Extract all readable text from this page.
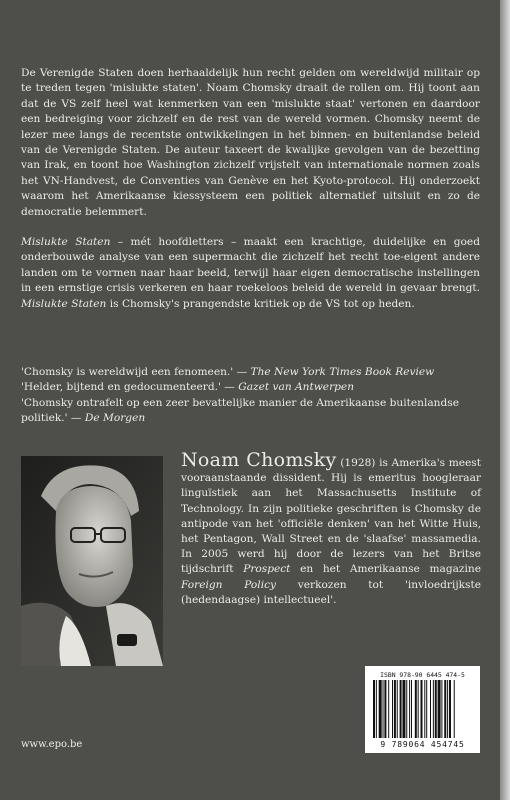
De Verenigde Staten doen herhaaldelijk hun recht gelden om wereldwijd militair op te treden tegen 'mislukte staten'. Noam Chomsky draait de rollen om. Hij toont aan dat de VS zelf heel wat kenmerken van een 'mislukte staat' vertonen en daardoor een bedreiging voor zichzelf en de rest van de wereld vormen. Chomsky neemt de lezer mee langs de recentste ontwikkelingen in het binnen- en buitenlandse beleid van de Verenigde Staten. De auteur taxeert de kwalijke gevolgen van de bezetting van Irak, en toont hoe Washington zichzelf vrijstelt van internationale normen zoals het VN-Handvest, de Conventies van Genève en het Kyoto-protocol. Hij onderzoekt waarom het Amerikaanse kiessysteem een politiek alternatief uitsluit en zo de democratie belemmert.

Mislukte Staten – mét hoofdletters – maakt een krachtige, duidelijke en goed onderbouwde analyse van een supermacht die zichzelf het recht toe-eigent andere landen om te vormen naar haar beeld, terwijl haar eigen democratische instellingen in een ernstige crisis verkeren en haar roekeloos beleid de wereld in gevaar brengt. Mislukte Staten is Chomsky's prangendste kritiek op de VS tot op heden.

'Chomsky is wereldwijd een fenomeen.' — The New York Times Book Review

'Helder, bijtend en gedocumenteerd.' — Gazet van Antwerpen

'Chomsky ontrafelt op een zeer bevattelijke manier de Amerikaanse buitenlandse politiek.' — De Morgen

Noam Chomsky (1928) is Amerika's meest vooraanstaande dissident. Hij is emeritus hoogleraar linguïstiek aan het Massachusetts Institute of Technology. In zijn politieke geschriften is Chomsky de antipode van het 'officiële denken' van het Witte Huis, het Pentagon, Wall Street en de 'slaafse' massamedia. In 2005 werd hij door de lezers van het Britse tijdschrift Prospect en het Amerikaanse magazine Foreign Policy verkozen tot 'invloedrijkste (hedendaagse) intellectueel'.
ISBN 978-90 6445 474-5
9 789064 454745
www.epo.be
